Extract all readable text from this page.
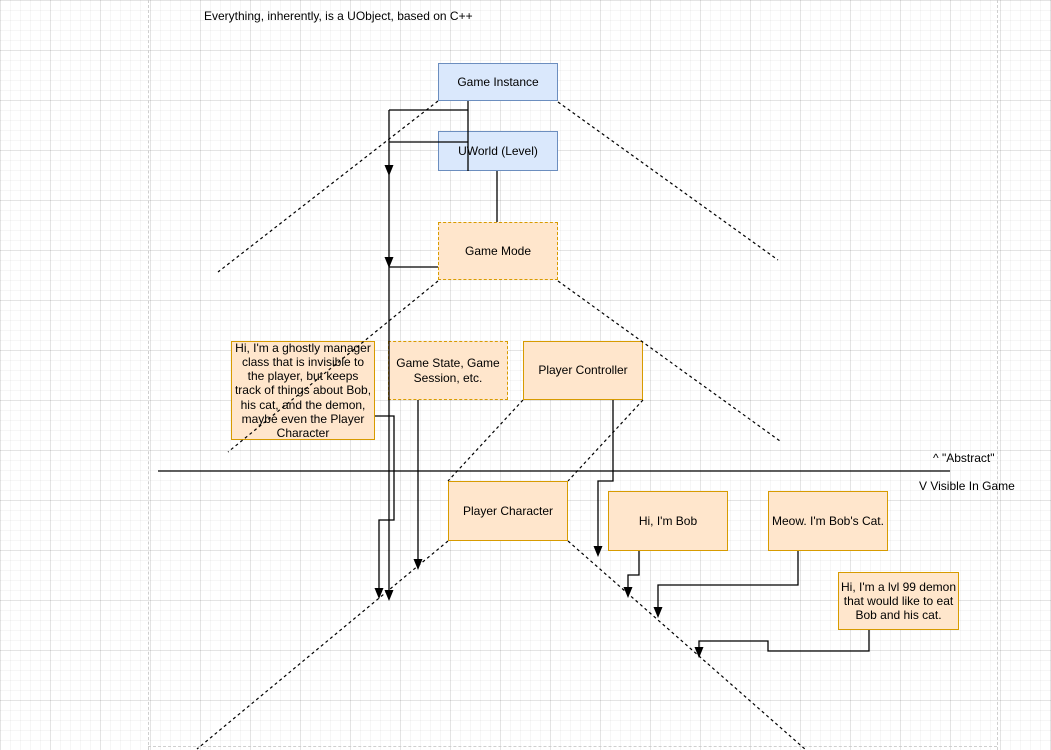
Game Instance
UWorld (Level)
Game Mode
Hi, I'm a ghostly manager class that is invisible to the player, but keeps track of things about Bob, his cat, and the demon, maybe even the Player Character
Game State, Game Session, etc.
Player Controller
Player Character
Hi, I'm Bob	Meow. I'm Bob's Cat.
Hi, I'm a lvl 99 demon that would like to eat Bob and his cat.
Everything, inherently, is a UObject, based on C++
^ "Abstract"
V Visible In Game
